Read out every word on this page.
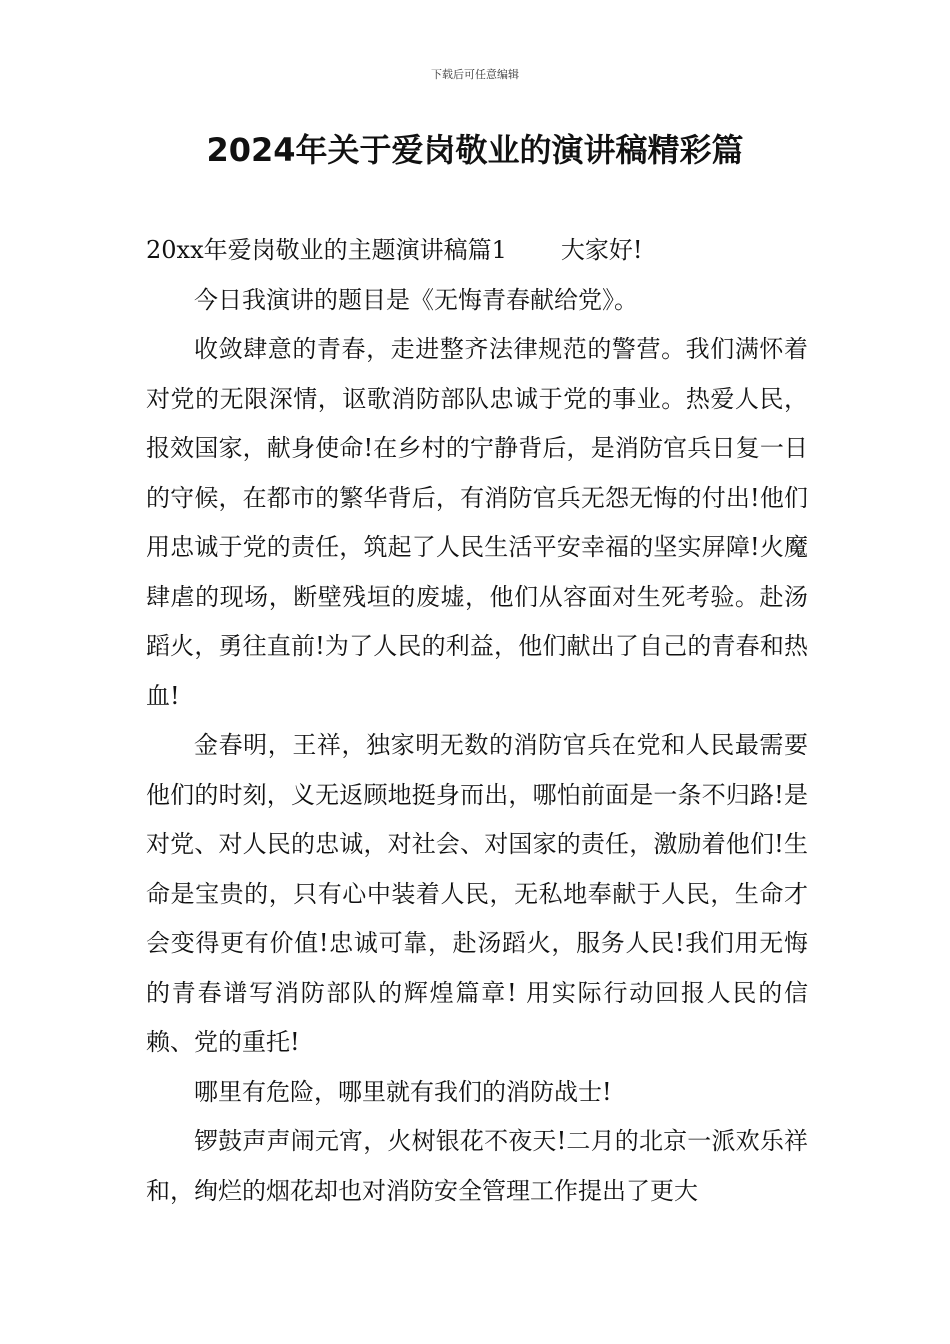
下载后可任意编辑
2024年关于爱岗敬业的演讲稿精彩篇

20xx年爱岗敬业的主题演讲稿篇1 大家好!

今日我演讲的题目是《无悔青春献给党》。

收敛肆意的青春，走进整齐法律规范的警营。我们满怀着对党的无限深情，讴歌消防部队忠诚于党的事业。热爱人民，报效国家，献身使命!在乡村的宁静背后，是消防官兵日复一日的守候，在都市的繁华背后，有消防官兵无怨无悔的付出!他们用忠诚于党的责任，筑起了人民生活平安幸福的坚实屏障!火魔肆虐的现场，断壁残垣的废墟，他们从容面对生死考验。赴汤蹈火，勇往直前!为了人民的利益，他们献出了自己的青春和热血!

金春明，王祥，独家明无数的消防官兵在党和人民最需要他们的时刻，义无返顾地挺身而出，哪怕前面是一条不归路!是对党、对人民的忠诚，对社会、对国家的责任，激励着他们!生命是宝贵的，只有心中装着人民，无私地奉献于人民，生命才会变得更有价值!忠诚可靠，赴汤蹈火，服务人民!我们用无悔的青春谱写消防部队的辉煌篇章! 用实际行动回报人民的信赖、党的重托!

哪里有危险，哪里就有我们的消防战士!

锣鼓声声闹元宵，火树银花不夜天!二月的北京一派欢乐祥和，绚烂的烟花却也对消防安全管理工作提出了更大
